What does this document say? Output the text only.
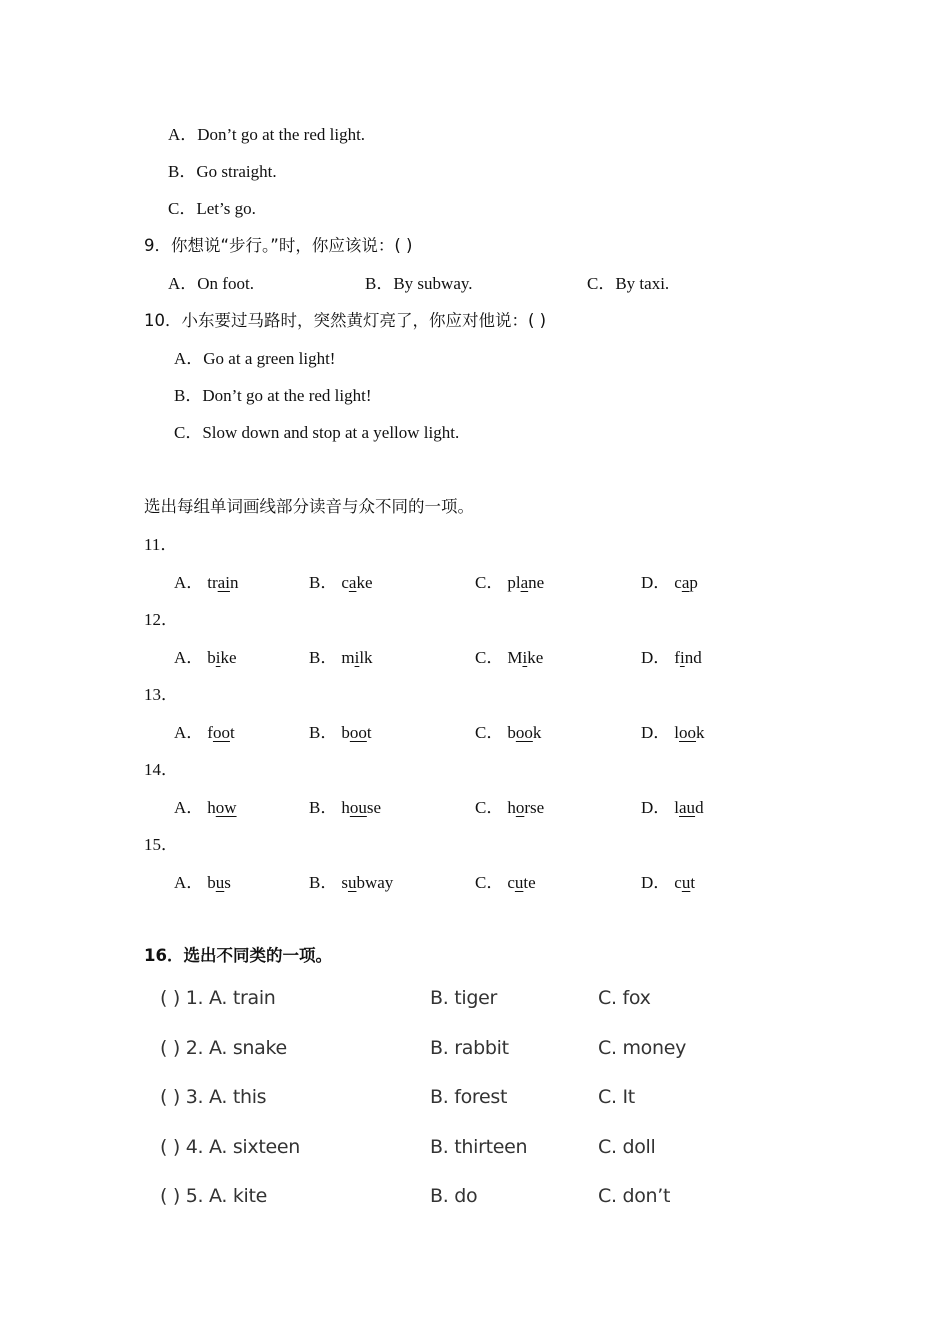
A．Don’t go at the red light.
B．Go straight.
C．Let’s go.
9．你想说“步行。”时，你应该说：( )
A．On foot.	B．By subway.	C．By taxi.
10．小东要过马路时，突然黄灯亮了，你应对他说：( )
A．Go at a green light!
B．Don’t go at the red light!
C．Slow down and stop at a yellow light.
选出每组单词画线部分读音与众不同的一项。
11．
A． train	B． cake	C． plane	D． cap
12．
A． bike	B． milk	C． Mike	D． find
13．
A． foot	B． boot	C． book	D． look
14．
A． how	B． house	C． horse	D． laud
15．
A． bus	B． subway	C． cute	D． cut
16．选出不同类的一项。
( ) 1. A. train	B. tiger	C. fox
( ) 2. A. snake	B. rabbit	C. money
( ) 3. A. this	B. forest	C. It
( ) 4. A. sixteen	B. thirteen	C. doll
( ) 5. A. kite	B. do	C. don’t
